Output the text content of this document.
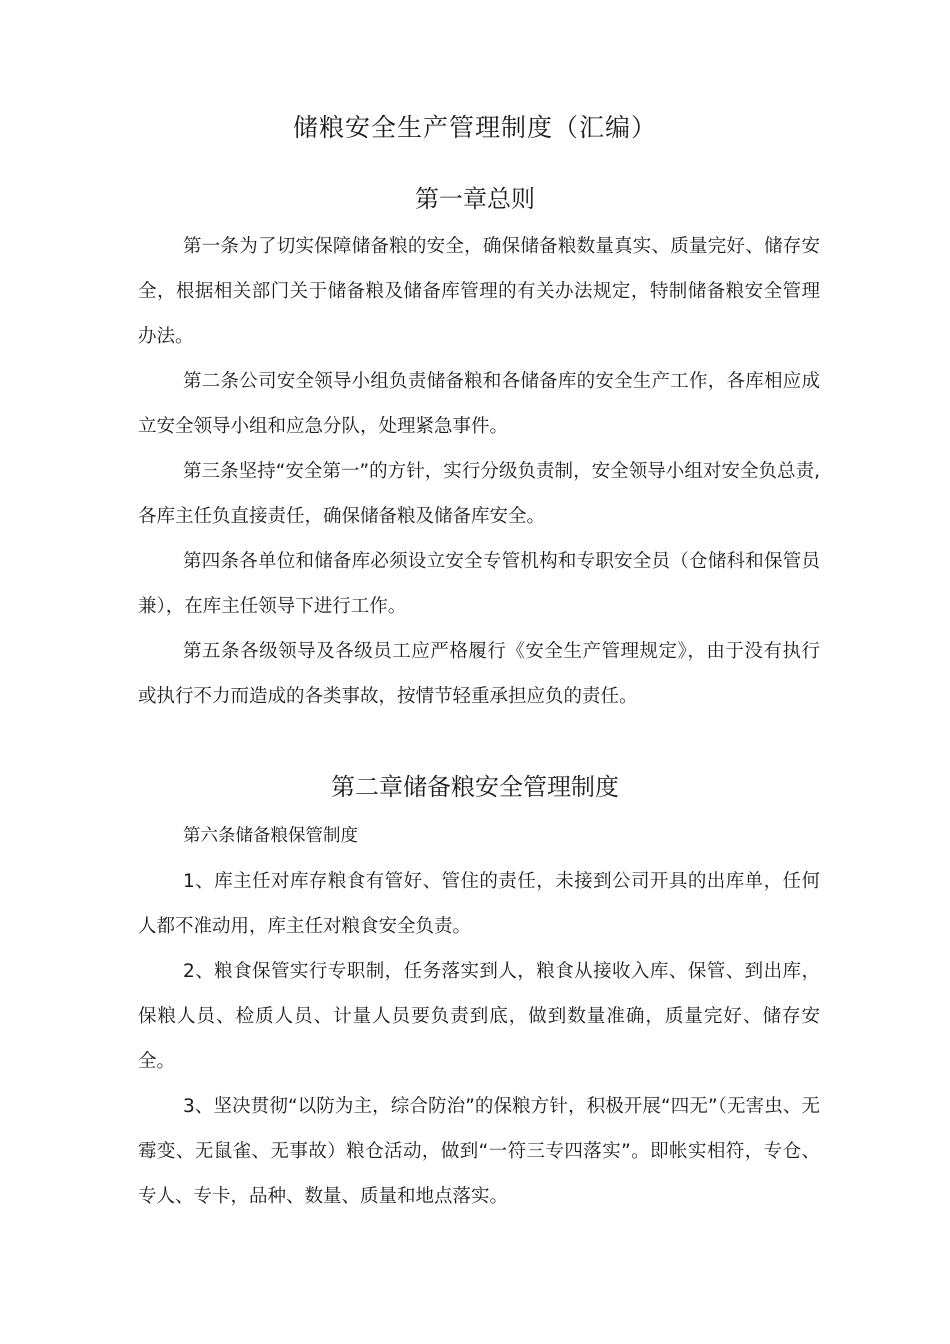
储粮安全生产管理制度（汇编）
第一章总则

第一条为了切实保障储备粮的安全，确保储备粮数量真实、质量完好、储存安全，根据相关部门关于储备粮及储备库管理的有关办法规定，特制储备粮安全管理办法。

第二条公司安全领导小组负责储备粮和各储备库的安全生产工作，各库相应成立安全领导小组和应急分队，处理紧急事件。

第三条坚持“安全第一”的方针，实行分级负责制，安全领导小组对安全负总责,各库主任负直接责任，确保储备粮及储备库安全。

第四条各单位和储备库必须设立安全专管机构和专职安全员（仓储科和保管员兼），在库主任领导下进行工作。

第五条各级领导及各级员工应严格履行《安全生产管理规定》，由于没有执行或执行不力而造成的各类事故，按情节轻重承担应负的责任。

第二章储备粮安全管理制度

第六条储备粮保管制度

1、库主任对库存粮食有管好、管住的责任，未接到公司开具的出库单，任何人都不准动用，库主任对粮食安全负责。

2、粮食保管实行专职制，任务落实到人，粮食从接收入库、保管、到出库，保粮人员、检质人员、计量人员要负责到底，做到数量准确，质量完好、储存安全。

3、坚决贯彻“以防为主，综合防治”的保粮方针，积极开展“四无”（无害虫、无霉变、无鼠雀、无事故）粮仓活动，做到“一符三专四落实”。即帐实相符，专仓、专人、专卡，品种、数量、质量和地点落实。
